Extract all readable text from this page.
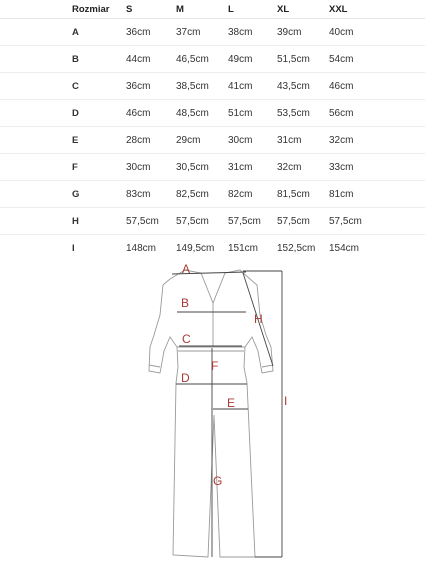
Rozmiar	S	M	L	XL	XXL
A	36cm	37cm	38cm	39cm	40cm
B	44cm	46,5cm	49cm	51,5cm	54cm
C	36cm	38,5cm	41cm	43,5cm	46cm
D	46cm	48,5cm	51cm	53,5cm	56cm
E	28cm	29cm	30cm	31cm	32cm
F	30cm	30,5cm	31cm	32cm	33cm
G	83cm	82,5cm	82cm	81,5cm	81cm
H	57,5cm	57,5cm	57,5cm	57,5cm	57,5cm
I	148cm	149,5cm	151cm	152,5cm	154cm
A
B
C
D
E
F
G
H
I
